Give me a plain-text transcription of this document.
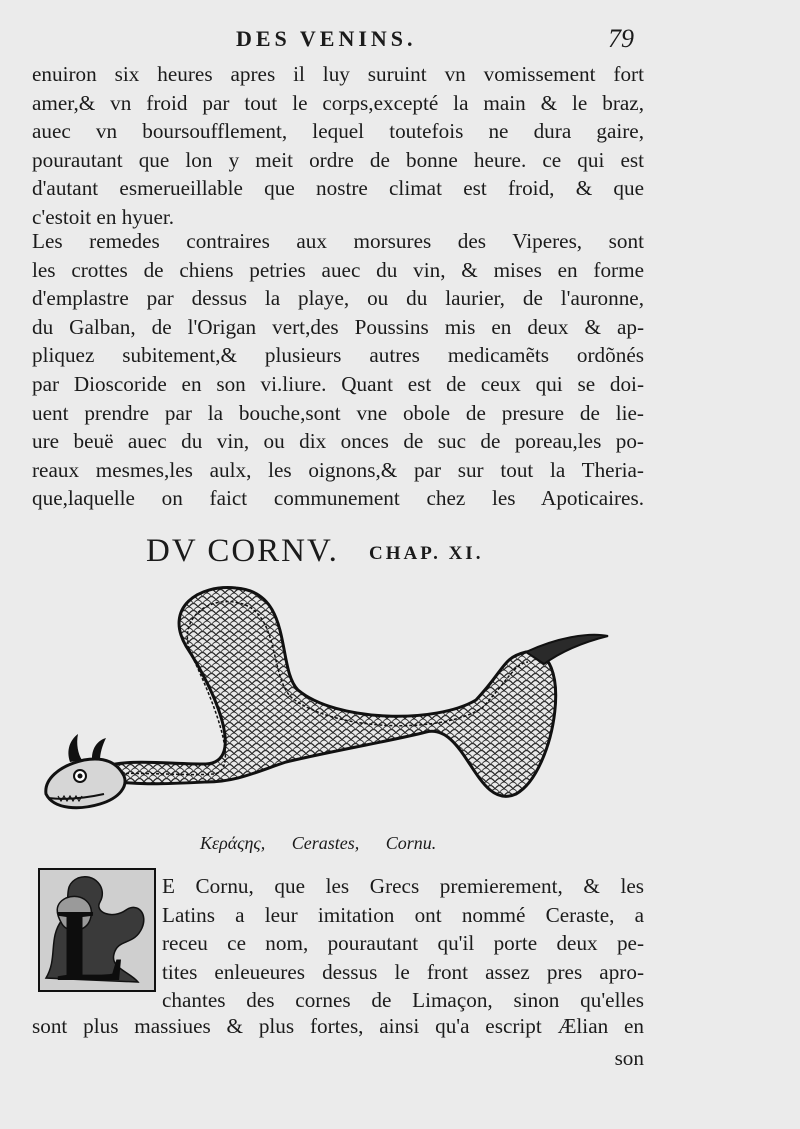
DES VENINS.	79
enuiron six heures apres il luy suruint vn vomissement fort
amer,& vn froid par tout le corps,excepté la main & le braz,
auec vn boursoufflement, lequel toutefois ne dura gaire,
pourautant que lon y meit ordre de bonne heure. ce qui est
d'autant esmerueillable que nostre climat est froid, & que
c'estoit en hyuer.
Les remedes contraires aux morsures des Viperes, sont
les crottes de chiens petries auec du vin, & mises en forme
d'emplastre par dessus la playe, ou du laurier, de l'auronne,
du Galban, de l'Origan vert,des Poussins mis en deux & ap-
pliquez subitement,& plusieurs autres medicamẽts ordõnés
par Dioscoride en son vi.liure. Quant est de ceux qui se doi-
uent prendre par la bouche,sont vne obole de presure de lie-
ure beuë auec du vin, ou dix onces de suc de poreau,les po-
reaux mesmes,les aulx, les oignons,& par sur tout la Theria-
que,laquelle on faict communement chez les Apoticaires.
DV CORNV. CHAP. XI.
Κεράςης, Cerastes, Cornu.
L
E Cornu, que les Grecs premierement, & les
Latins a leur imitation ont nommé Ceraste, a
receu ce nom, pourautant qu'il porte deux pe-
tites enleueures dessus le front assez pres apro-
chantes des cornes de Limaçon, sinon qu'elles
sont plus massiues & plus fortes, ainsi qu'a escript Ælian en
son
